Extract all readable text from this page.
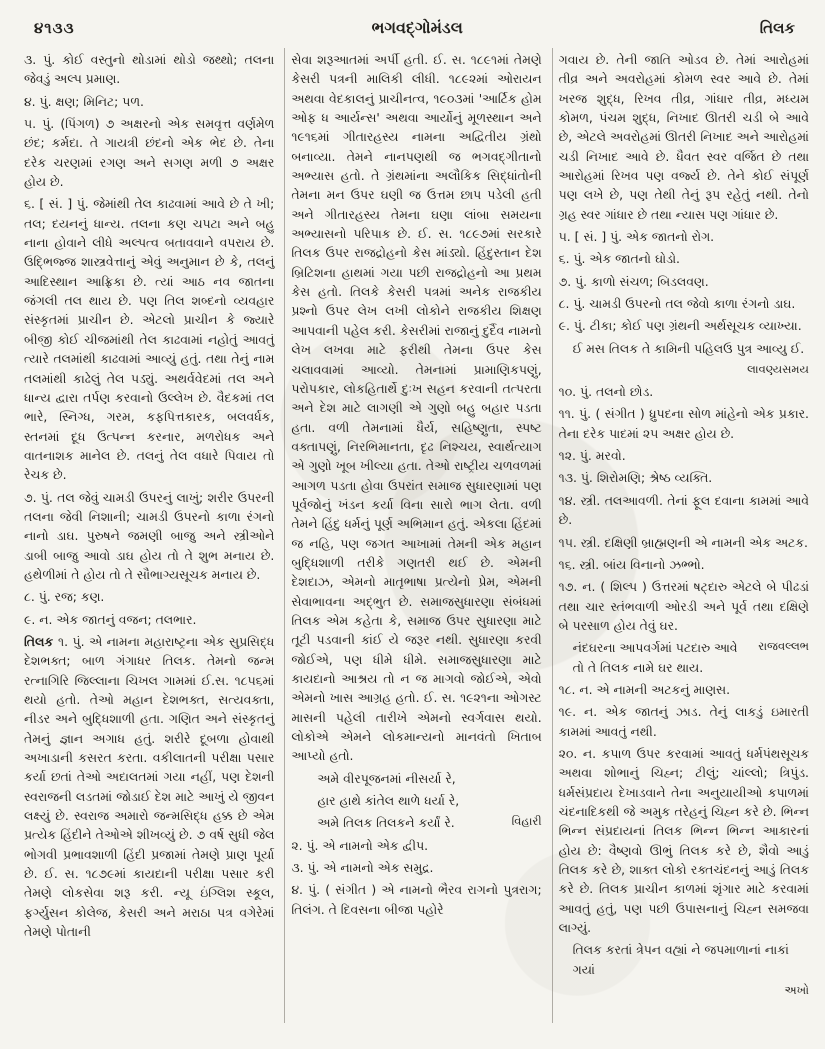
૪૧૩૩	ભગવદ્ગોમંડલ	તિલક
૩. પું. કોઈ વસ્તુનો થોડામાં થોડો જથ્થો; તલના જેવડું અલ્પ પ્રમાણ.
૪. પું. ક્ષણ; મિનિટ; પળ.
૫. પું. (પિંગળ) ૭ અક્ષરનો એક સમવૃત્ત વર્ણમેળ છંદ; કર્મદા. તે ગાયત્રી છંદનો એક ભેદ છે. તેના દરેક ચરણમાં રગણ અને સગણ મળી ૭ અક્ષર હોય છે.
૬. [ સં. ] પું. જેમાંથી તેલ કાઢવામાં આવે છે તે ખી; તલ; દયનનું ધાન્ય. તલના કણ ચપટા અને બહુ નાના હોવાને લીધે અલ્પત્વ બતાવવાને વપરાય છે. ઉદ્ભિજ્જ શાસ્ત્રવેત્તાનું એવું અનુમાન છે કે, તલનું આદિસ્થાન આફ્રિકા છે. ત્યાં આઠ નવ જાતના જંગલી તલ થાય છે. પણ તિલ શબ્દનો વ્યવહાર સંસ્કૃતમાં પ્રાચીન છે. એટલો પ્રાચીન કે જ્યારે બીજી કોઈ ચીજમાંથી તેલ કાઢવામાં નહોતું આવતું ત્યારે તલમાંથી કાઢવામાં આવ્યું હતું. તથા તેનું નામ તલમાંથી કાઢેલું તેલ પડ્યું. અથર્વવેદમાં તલ અને ધાન્ય દ્વારા તર્પણ કરવાનો ઉલ્લેખ છે. વૈદકમાં તલ ભારે, સ્નિગ્ધ, ગરમ, કફપિત્તકારક, બલવર્ધક, સ્તનમાં દૂધ ઉત્પન્ન કરનાર, મળરોધક અને વાતનાશક માનેલ છે. તલનું તેલ વધારે પિવાય તો રેચક છે.
૭. પું. તલ જેવું ચામડી ઉપરનું લાખું; શરીર ઉપરની તલના જેવી નિશાની; ચામડી ઉપરનો કાળા રંગનો નાનો ડાઘ. પુરુષને જમણી બાજુ અને સ્ત્રીઓને ડાબી બાજુ આવો ડાઘ હોય તો તે શુભ મનાય છે. હથેળીમાં તે હોય તો તે સૌભાગ્યસૂચક મનાય છે.
૮. પું. રજ; કણ.
૯. ન. એક જાતનું વજન; તલભાર.
તિલક ૧. પું. એ નામના મહારાષ્ટ્રના એક સુપ્રસિદ્ધ દેશભક્ત; બાળ ગંગાધર તિલક. તેમનો જન્મ રત્નાગિરિ જિલ્લાના ચિખલ ગામમાં ઈ.સ. ૧૮૫૬માં થયો હતો. તેઓ મહાન દેશભક્ત, સત્યવક્તા, નીડર અને બુદ્ધિશાળી હતા. ગણિત અને સંસ્કૃતનું તેમનું જ્ઞાન અગાધ હતું. શરીરે દૂબળા હોવાથી અખાડાની કસરત કરતા. વકીલાતની પરીક્ષા પસાર કર્યા છતાં તેઓ અદાલતમાં ગયા નહીં, પણ દેશની સ્વરાજની લડતમાં જોડાઈ દેશ માટે આખું યે જીવન લક્ષ્યું છે. સ્વરાજ અમારો જન્મસિદ્ધ હક્ક છે એમ પ્રત્યેક હિંદીને તેઓએ શીખવ્યું છે. ૭ વર્ષ સુધી જેલ ભોગવી પ્રભાવશાળી હિંદી પ્રજામાં તેમણે પ્રાણ પૂર્યા છે. ઈ. સ. ૧૮૭૯માં કાયદાની પરીક્ષા પસાર કરી તેમણે લોકસેવા શરૂ કરી. ન્યૂ ઇંગ્લિશ સ્કૂલ, ફર્ગ્યુસન કોલેજ, કેસરી અને મરાઠા પત્ર વગેરેમાં તેમણે પોતાની
સેવા શરૂઆતમાં અર્પી હતી. ઈ. સ. ૧૮૯૧માં તેમણે કેસરી પત્રની માલિકી લીધી. ૧૮૯૨માં ઓરાયન અથવા વેદકાલનું પ્રાચીનત્વ, ૧૯૦૩માં 'આર્ટિક હોમ ઓફ ધ આર્યન્સ' અથવા આર્યોનું મૂળસ્થાન અને ૧૯૧૬માં ગીતારહસ્ય નામના અદ્વિતીય ગ્રંથો બનાવ્યા. તેમને નાનપણથી જ ભગવદ્ગીતાનો અભ્યાસ હતો. તે ગ્રંથમાંના અલૌકિક સિદ્ધાંતોની તેમના મન ઉપર ઘણી જ ઉત્તમ છાપ પડેલી હતી અને ગીતારહસ્ય તેમના ઘણા લાંબા સમયના અભ્યાસનો પરિપાક છે. ઈ. સ. ૧૮૯૭માં સરકારે તિલક ઉપર રાજદ્રોહનો કેસ માંડ્યો. હિંદુસ્તાન દેશ બ્રિટિશના હાથમાં ગયા પછી રાજદ્રોહનો આ પ્રથમ કેસ હતો. તિલકે કેસરી પત્રમાં અનેક રાજકીય પ્રશ્નો ઉપર લેખ લખી લોકોને રાજકીય શિક્ષણ આપવાની પહેલ કરી. કેસરીમાં રાજાનું દુર્દૈવ નામનો લેખ લખવા માટે ફરીથી તેમના ઉપર કેસ ચલાવવામાં આવ્યો. તેમનામાં પ્રામાણિકપણું, પરોપકાર, લોકહિતાર્થે દુઃખ સહન કરવાની તત્પરતા અને દેશ માટે લાગણી એ ગુણો બહુ બહાર પડતા હતા. વળી તેમનામાં ધૈર્ય, સહિષ્ણુતા, સ્પષ્ટ વક્તાપણું, નિરભિમાનતા, દૃઢ નિશ્ચય, સ્વાર્થત્યાગ એ ગુણો ખૂબ ખીલ્યા હતા. તેઓ રાષ્ટ્રીય ચળવળમાં આગળ પડતા હોવા ઉપરાંત સમાજ સુધારણામાં પણ પૂર્વજોનું ખંડન કર્યા વિના સારો ભાગ લેતા. વળી તેમને હિંદુ ધર્મનું પૂર્ણ અભિમાન હતું. એકલા હિંદમાં જ નહિ, પણ જગત આખામાં તેમની એક મહાન બુદ્ધિશાળી તરીકે ગણતરી થઈ છે. એમની દેશદાઝ, એમનો માતૃભાષા પ્રત્યેનો પ્રેમ, એમની સેવાભાવના અદ્ભુત છે. સમાજસુધારણા સંબંધમાં તિલક એમ કહેતા કે, સમાજ ઉપર સુધારણા માટે તૂટી પડવાની કાંઈ યે જરૂર નથી. સુધારણા કરવી જોઈએ, પણ ધીમે ધીમે. સમાજસુધારણા માટે કાયદાનો આશ્રય તો ન જ માગવો જોઈએ, એવો એમનો ખાસ આગ્રહ હતો. ઈ. સ. ૧૯૨૧ના ઓગસ્ટ માસની પહેલી તારીખે એમનો સ્વર્ગવાસ થયો. લોકોએ એમને લોકમાન્યનો માનવંતો ખિતાબ આપ્યો હતો.
અમે વીરપૂજનમાં નીસર્યા રે,
હાર હાથે કાંતેલ થાળે ધર્યા રે,
વિહારી
અમે તિલક તિલકને કર્યાં રે.
૨. પું. એ નામનો એક દ્વીપ.
૩. પું. એ નામનો એક સમુદ્ર.
૪. પું. ( સંગીત ) એ નામનો ભૈરવ રાગનો પુત્રરાગ; તિલંગ. તે દિવસના બીજા પહોરે
ગવાય છે. તેની જાતિ ઓડવ છે. તેમાં આરોહમાં તીવ્ર અને અવરોહમાં કોમળ સ્વર આવે છે. તેમાં ખરજ શુદ્ધ, રિખવ તીવ્ર, ગાંધાર તીવ્ર, મધ્યમ કોમળ, પંચમ શુદ્ધ, નિખાદ ઊતરી ચડી બે આવે છે, એટલે અવરોહમાં ઊતરી નિખાદ અને આરોહમાં ચડી નિખાદ આવે છે. ધૈવત સ્વર વર્જિત છે તથા આરોહમાં રિખવ પણ વર્જ્ય છે. તેને કોઈ સંપૂર્ણ પણ લખે છે, પણ તેથી તેનું રૂપ રહેતું નથી. તેનો ગ્રહ સ્વર ગાંધાર છે તથા ન્યાસ પણ ગાંધાર છે.
૫. [ સં. ] પું. એક જાતનો રોગ.
૬. પું. એક જાતનો ઘોડો.
૭. પું. કાળો સંચળ; બિડલવણ.
૮. પું. ચામડી ઉપરનો તલ જેવો કાળા રંગનો ડાઘ.
૯. પું. ટીકા; કોઈ પણ ગ્રંથની અર્થસૂચક વ્યાખ્યા.
ઈ મસ તિલક તે કામિની પહિલઉ પુત્ર આવ્યુ ઈ.
લાવણ્યસમય
૧૦. પું. તલનો છોડ.
૧૧. પું. ( સંગીત ) ધ્રુપદના સોળ માંહેનો એક પ્રકાર. તેના દરેક પાદમાં ૨૫ અક્ષર હોય છે.
૧૨. પું. મરવો.
૧૩. પું. શિરોમણિ; શ્રેષ્ઠ વ્યક્તિ.
૧૪. સ્ત્રી. તલઆવળી. તેનાં ફૂલ દવાના કામમાં આવે છે.
૧૫. સ્ત્રી. દક્ષિણી બ્રાહ્મણની એ નામની એક અટક.
૧૬. સ્ત્રી. બાંય વિનાનો ઝભ્ભો.
૧૭. ન. ( શિલ્પ ) ઉત્તરમાં ષટ્દારુ એટલે બે પીઢડાં તથા ચાર સ્તંભવાળી ઓરડી અને પૂર્વ તથા દક્ષિણે બે પરસાળ હોય તેવું ઘર.
રાજવલ્લભ
નંદઘરના આપવર્ગમાં પટદારુ આવે તો તે તિલક નામે ઘર થાય.
૧૮. ન. એ નામની અટકનું માણસ.
૧૯. ન. એક જાતનું ઝાડ. તેનું લાકડું ઇમારતી કામમાં આવતું નથી.
૨૦. ન. કપાળ ઉપર કરવામાં આવતું ધર્મપંથસૂચક અથવા શોભાનું ચિહ્ન; ટીલું; ચાંલ્લો; ત્રિપુંડ. ધર્મસંપ્રદાય દેખાડવાને તેના અનુયાયીઓ કપાળમાં ચંદનાદિકથી જે અમુક તરેહનું ચિહ્ન કરે છે. ભિન્ન ભિન્ન સંપ્રદાયનાં તિલક ભિન્ન ભિન્ન આકારનાં હોય છે: વૈષ્ણવો ઊભું તિલક કરે છે, શૈવો આડું તિલક કરે છે, શાક્ત લોકો રક્તચંદનનું આડું તિલક કરે છે. તિલક પ્રાચીન કાળમાં શૃંગાર માટે કરવામાં આવતું હતું, પણ પછી ઉપાસનાનું ચિહ્ન સમજવા લાગ્યું.
તિલક કરતાં ત્રેપન વહ્યાં ને જપમાળાનાં નાકાં ગયાં
અખો
